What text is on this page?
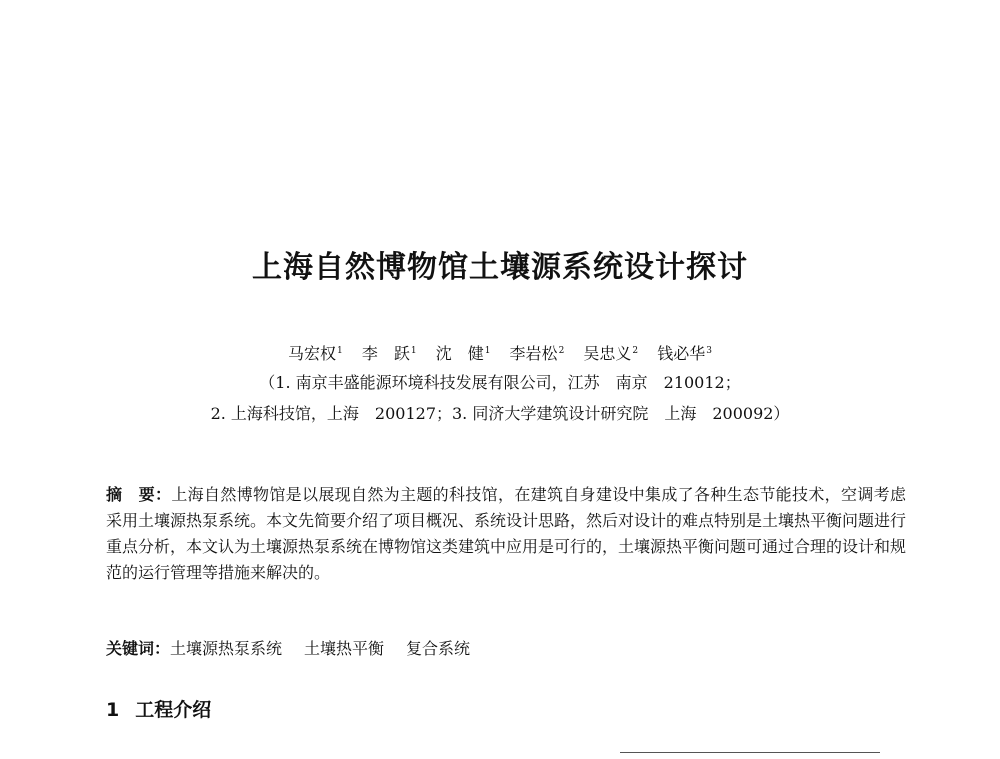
上海自然博物馆土壤源系统设计探讨
马宏权$^1$ 李　跃$^1$ 沈　健$^1$ 李岩松$^2$ 吴忠义$^2$ 钱必华$^3$
（1. 南京丰盛能源环境科技发展有限公司，江苏　南京　210012；
2. 上海科技馆，上海　200127；3. 同济大学建筑设计研究院　上海　200092）
摘　要：上海自然博物馆是以展现自然为主题的科技馆，在建筑自身建设中集成了各种生态节能技术，空调考虑采用土壤源热泵系统。本文先简要介绍了项目概况、系统设计思路，然后对设计的难点特别是土壤热平衡问题进行重点分析，本文认为土壤源热泵系统在博物馆这类建筑中应用是可行的，土壤源热平衡问题可通过合理的设计和规范的运行管理等措施来解决的。
关键词：土壤源热泵系统 土壤热平衡 复合系统
1 工程介绍
